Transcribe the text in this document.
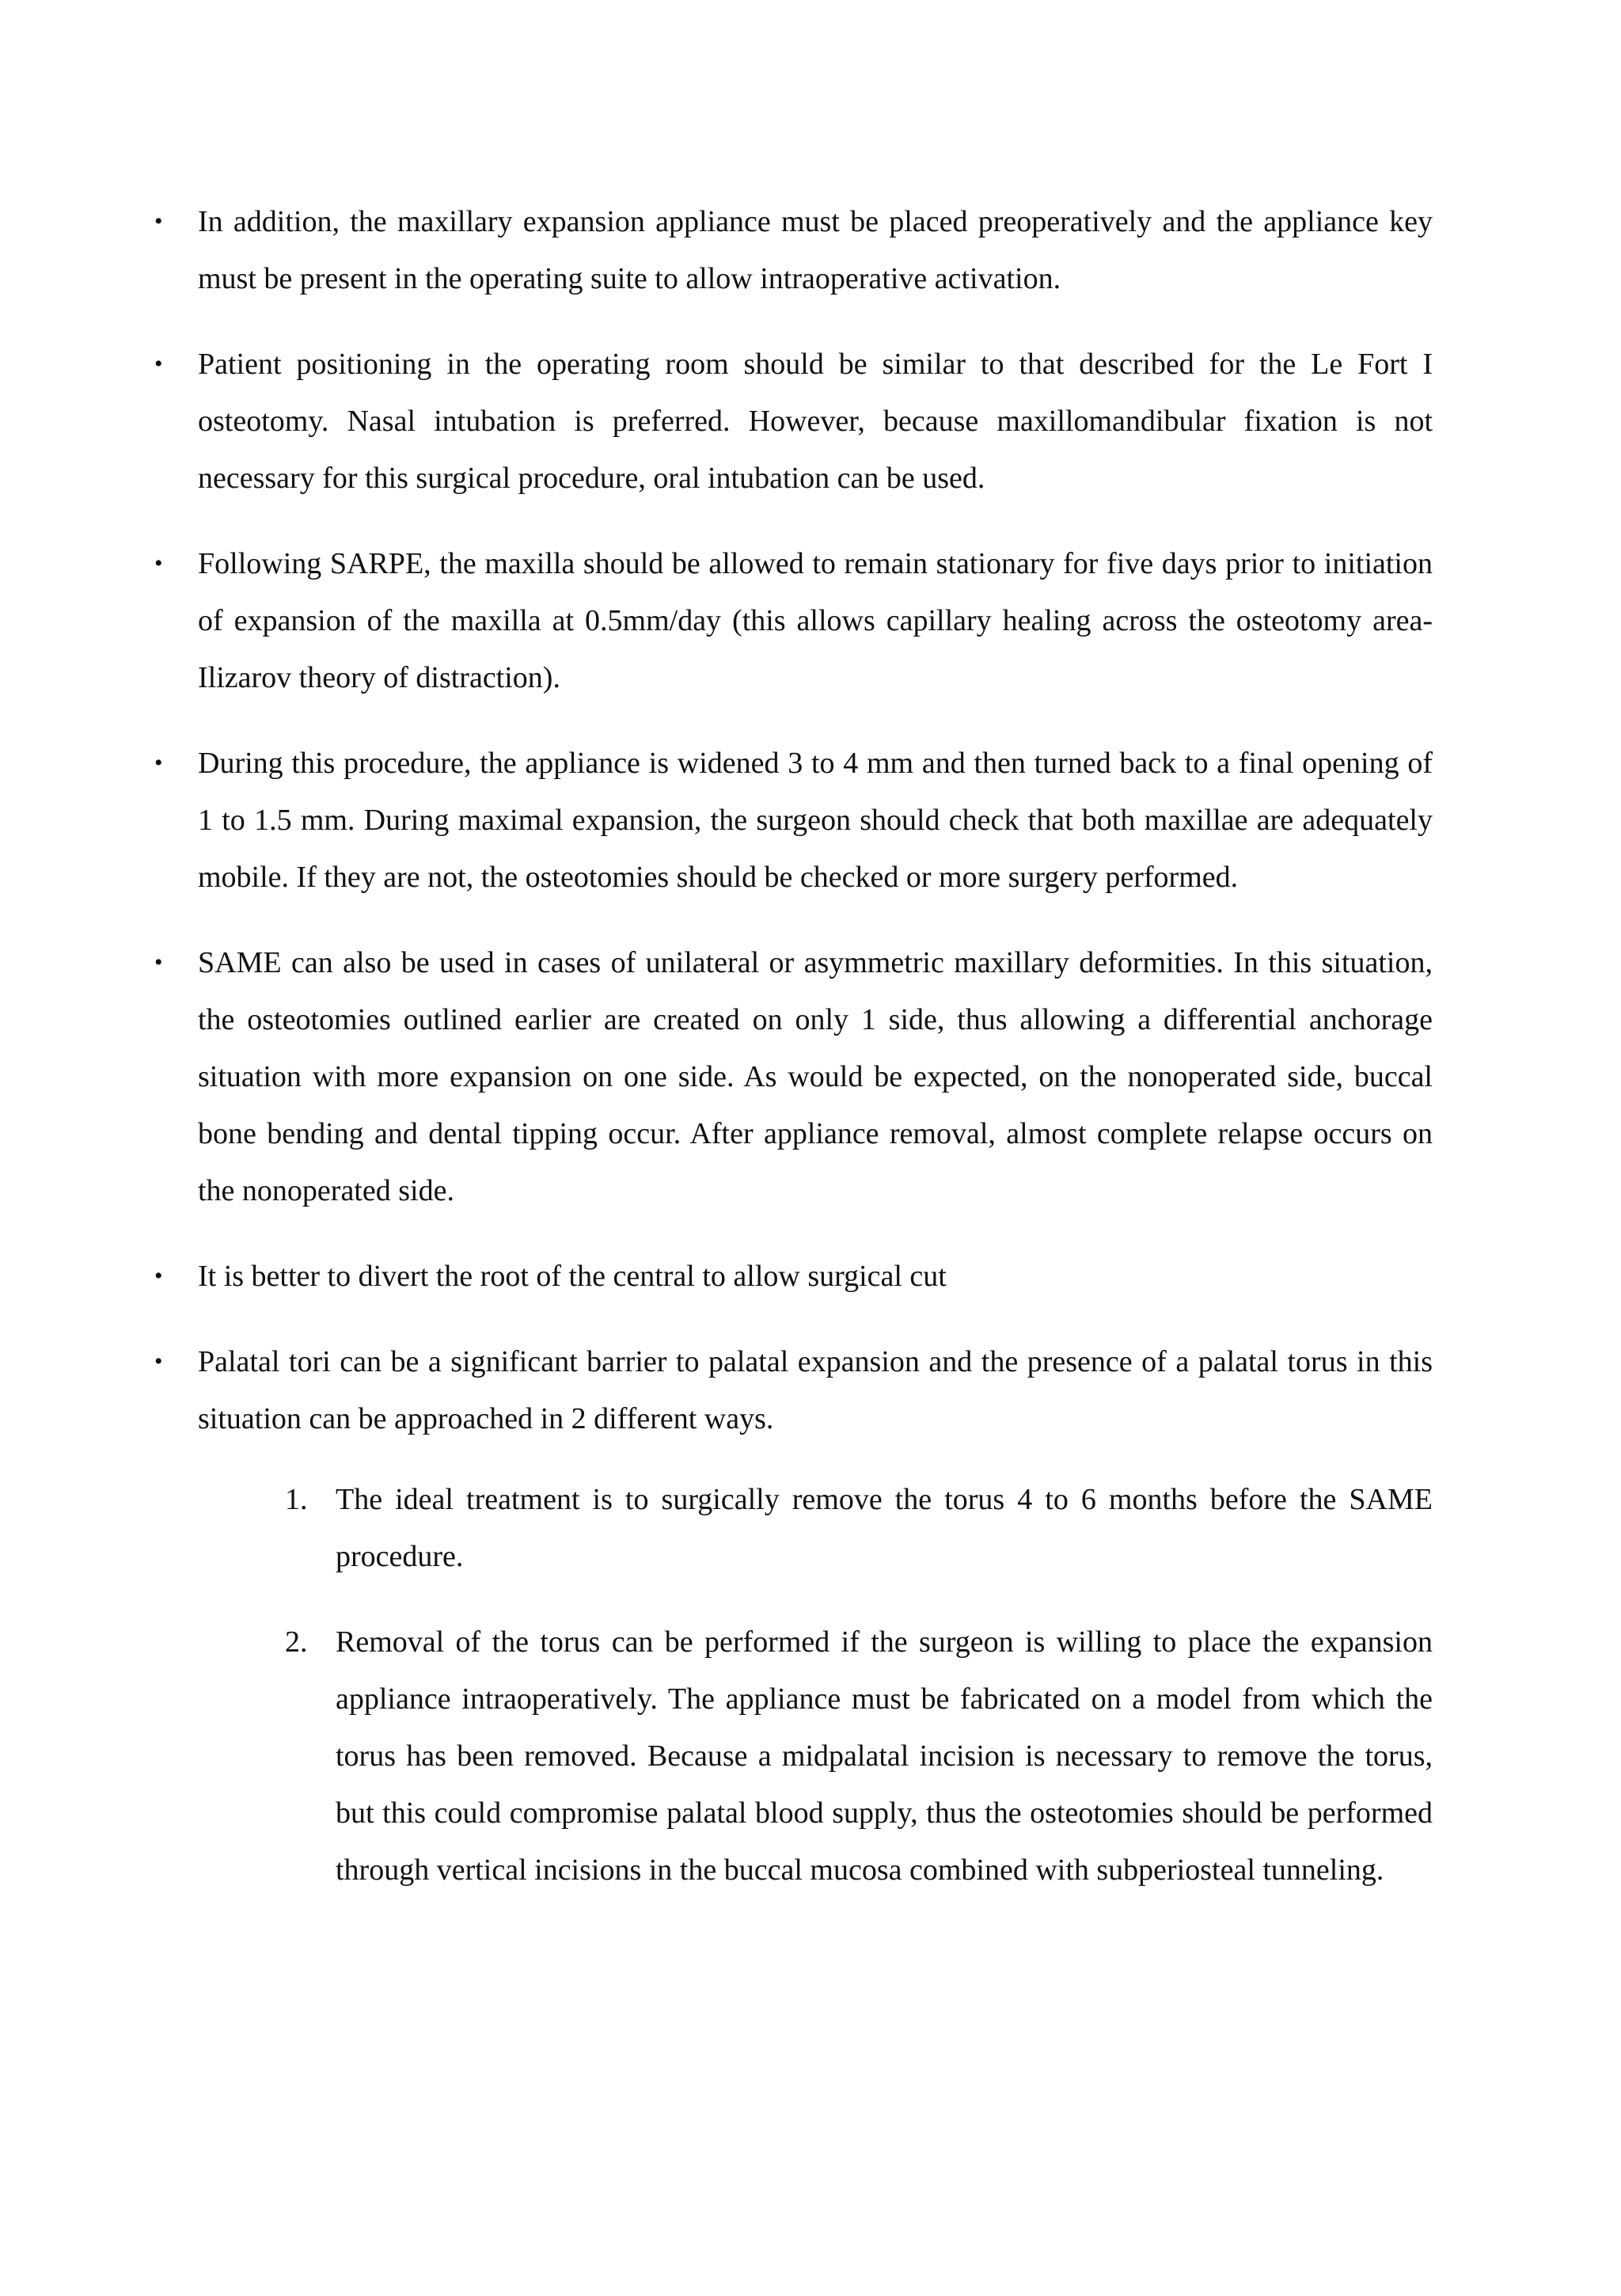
• In addition, the maxillary expansion appliance must be placed preoperatively and the appliance key must be present in the operating suite to allow intraoperative activation.

• Patient positioning in the operating room should be similar to that described for the Le Fort I osteotomy. Nasal intubation is preferred. However, because maxillomandibular fixation is not necessary for this surgical procedure, oral intubation can be used.

• Following SARPE, the maxilla should be allowed to remain stationary for five days prior to initiation of expansion of the maxilla at 0.5mm/day (this allows capillary healing across the osteotomy area- Ilizarov theory of distraction).

• During this procedure, the appliance is widened 3 to 4 mm and then turned back to a final opening of 1 to 1.5 mm. During maximal expansion, the surgeon should check that both maxillae are adequately mobile. If they are not, the osteotomies should be checked or more surgery performed.

• SAME can also be used in cases of unilateral or asymmetric maxillary deformities. In this situation, the osteotomies outlined earlier are created on only 1 side, thus allowing a differential anchorage situation with more expansion on one side. As would be expected, on the nonoperated side, buccal bone bending and dental tipping occur. After appliance removal, almost complete relapse occurs on the nonoperated side.

• It is better to divert the root of the central to allow surgical cut

• Palatal tori can be a significant barrier to palatal expansion and the presence of a palatal torus in this situation can be approached in 2 different ways.

1. The ideal treatment is to surgically remove the torus 4 to 6 months before the SAME procedure.

2. Removal of the torus can be performed if the surgeon is willing to place the expansion appliance intraoperatively. The appliance must be fabricated on a model from which the torus has been removed. Because a midpalatal incision is necessary to remove the torus, but this could compromise palatal blood supply, thus the osteotomies should be performed through vertical incisions in the buccal mucosa combined with subperiosteal tunneling.
